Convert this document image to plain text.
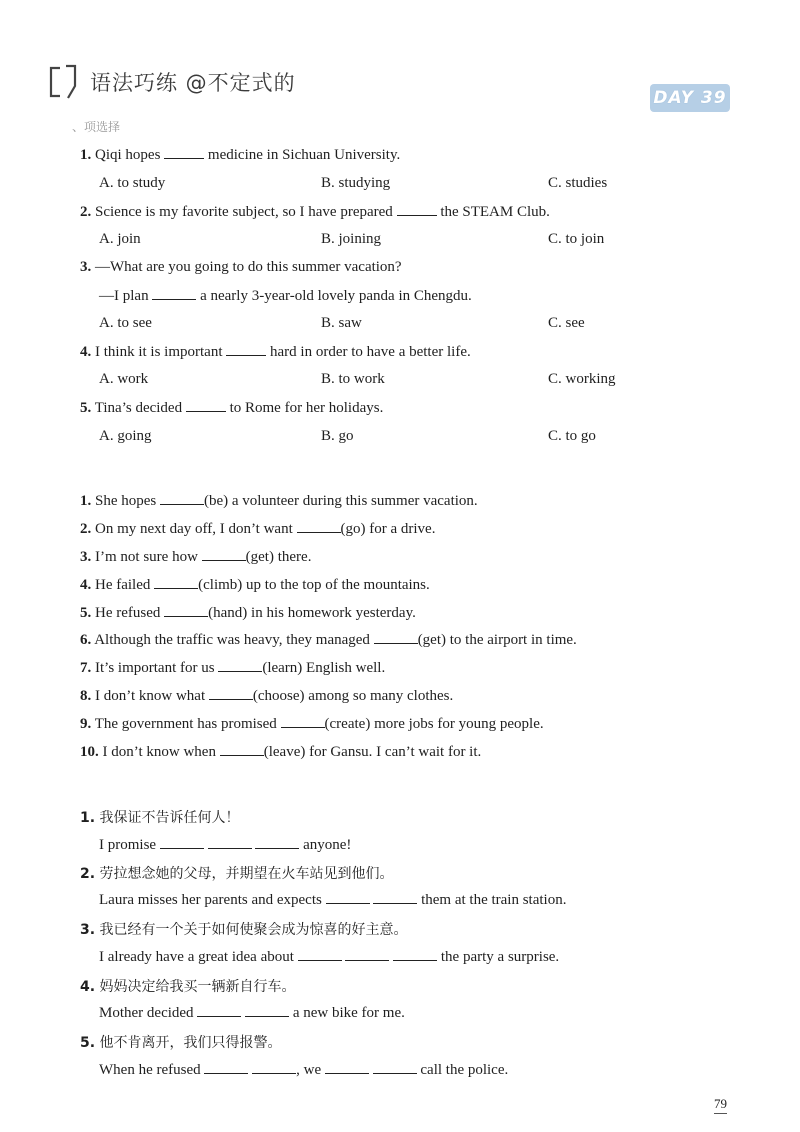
语法巧练 @不定式的
DAY 39
、项选择
1. Qiqi hopes	medicine in Sichuan University.
A. to study	B. studying	C. studies
2. Science is my favorite subject, so I have prepared	the STEAM Club.
A. join	B. joining	C. to join
3. —What are you going to do this summer vacation?
—I plan	a nearly 3-year-old lovely panda in Chengdu.
A. to see	B. saw	C. see
4. I think it is important	hard in order to have a better life.
A. work	B. to work	C. working
5. Tina’s decided	to Rome for her holidays.
A. going	B. go	C. to go
1. She hopes	(be) a volunteer during this summer vacation.
2. On my next day off, I don’t want	(go) for a drive.
3. I’m not sure how	(get) there.
4. He failed	(climb) up to the top of the mountains.
5. He refused	(hand) in his homework yesterday.
6. Although the traffic was heavy, they managed	(get) to the airport in time.
7. It’s important for us	(learn) English well.
8. I don’t know what	(choose) among so many clothes.
9. The government has promised	(create) more jobs for young people.
10. I don’t know when	(leave) for Gansu. I can’t wait for it.
1. 我保证不告诉任何人！
I promise	anyone!
2. 劳拉想念她的父母，并期望在火车站见到他们。
Laura misses her parents and expects	them at the train station.
3. 我已经有一个关于如何使聚会成为惊喜的好主意。
I already have a great idea about	the party a surprise.
4. 妈妈决定给我买一辆新自行车。
Mother decided	a new bike for me.
5. 他不肯离开，我们只得报警。
When he refused	, we	call the police.
79
